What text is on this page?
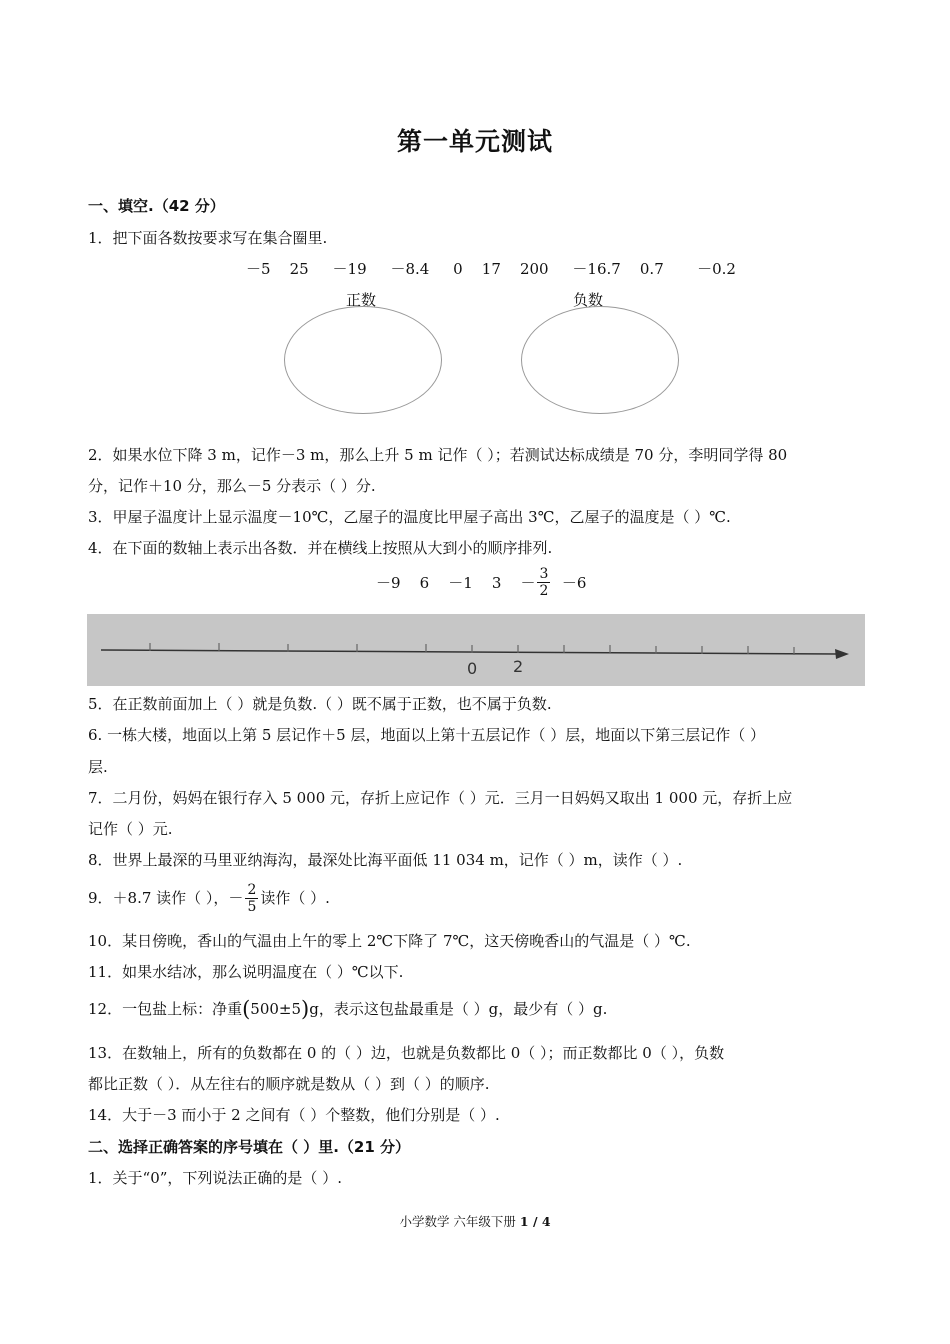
第一单元测试
一、填空.（42 分）
1．把下面各数按要求写在集合圈里.
－5    25     －19     －8.4     0    17    200     －16.7    0.7       －0.2
正数	负数
2．如果水位下降 3 m，记作－3 m，那么上升 5 m 记作（ ）；若测试达标成绩是 70 分，李明同学得 80
分，记作＋10 分，那么－5 分表示（ ）分.
3．甲屋子温度计上显示温度－10℃，乙屋子的温度比甲屋子高出 3℃，乙屋子的温度是（ ）℃.
4．在下面的数轴上表示出各数．并在横线上按照从大到小的顺序排列.
－9    6    －1    3    － $\frac{3}{2} -6$
0 2
5．在正数前面加上（ ）就是负数.（ ）既不属于正数，也不属于负数.
6. 一栋大楼，地面以上第 5 层记作＋5 层，地面以上第十五层记作（ ）层，地面以下第三层记作（ ）
层.
7．二月份，妈妈在银行存入 5 000 元，存折上应记作（ ）元．三月一日妈妈又取出 1 000 元，存折上应
记作（ ）元.
8．世界上最深的马里亚纳海沟，最深处比海平面低 11 034 m，记作（ ）m，读作（ ）.
9．＋8.7 读作（ ），－ $\frac{2}{5}$ 读作（ ）.
10．某日傍晚，香山的气温由上午的零上 2℃下降了 7℃，这天傍晚香山的气温是（ ）℃.
11．如果水结冰，那么说明温度在（ ）℃以下.
12．一包盐上标：净重(500±5)g，表示这包盐最重是（ ）g，最少有（ ）g.
13．在数轴上，所有的负数都在 0 的（ ）边，也就是负数都比 0（ ）；而正数都比 0（ ），负数
都比正数（ ）．从左往右的顺序就是数从（ ）到（ ）的顺序.
14．大于－3 而小于 2 之间有（ ）个整数，他们分别是（ ）.
二、选择正确答案的序号填在（ ）里.（21 分）
1．关于“0”，下列说法正确的是（ ）.
小学数学 六年级下册 1 / 4
